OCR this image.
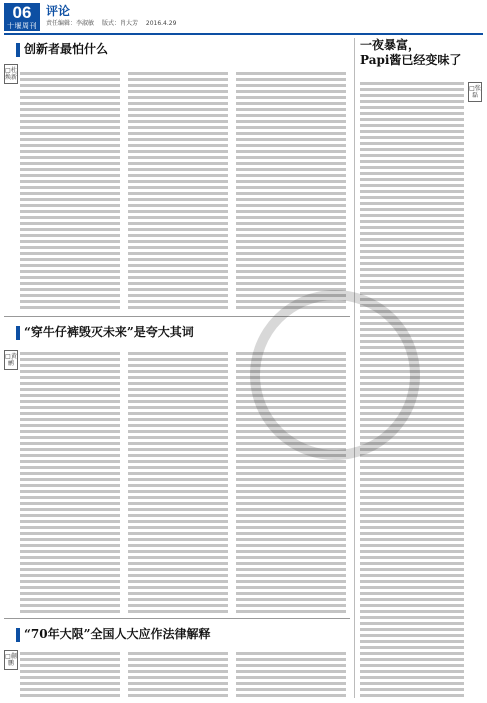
06
十堰周刊
评论
责任编辑：李淑敏 版式：肖大芳 2016.4.29
创新者最怕什么
□杜焕新
“穿牛仔裤毁灭未来”是夸大其词
□黄鹂
“70年大限”全国人大应作法律解释
□蒯鹏
一夜暴富，
Papi酱已经变味了
□张磊
